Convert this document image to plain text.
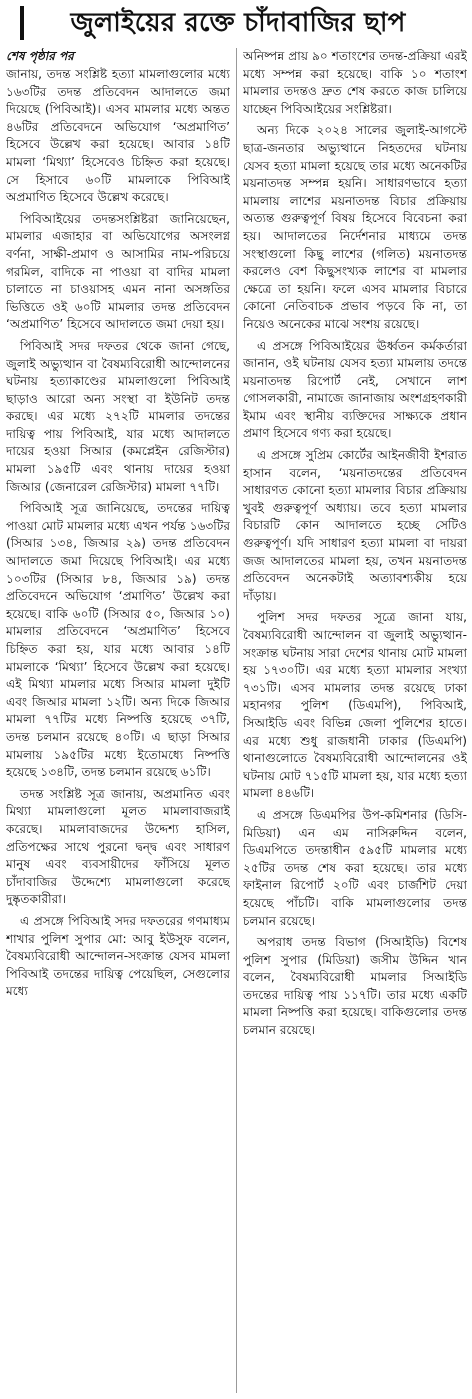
জুলাইয়ের রক্তে চাঁদাবাজির ছাপ
শেষ পৃষ্ঠার পর

জানায়, তদন্ত সংশ্লিষ্ট হত্যা মামলাগুলোর মধ্যে ১৬৩টির তদন্ত প্রতিবেদন আদালতে জমা দিয়েছে (পিবিআই)। এসব মামলার মধ্যে অন্তত ৪৬টির প্রতিবেদনে অভিযোগ ‘অপ্রমাণিত’ হিসেবে উল্লেখ করা হয়েছে। আবার ১৪টি মামলা ‘মিথ্যা’ হিসেবেও চিহ্নিত করা হয়েছে। সে হিসাবে ৬০টি মামলাকে পিবিআই অপ্রমাণিত হিসেবে উল্লেখ করেছে।

পিবিআইয়ের তদন্তসংশ্লিষ্টরা জানিয়েছেন, মামলার এজাহার বা অভিযোগের অসংলগ্ন বর্ণনা, সাক্ষী-প্রমাণ ও আসামির নাম-পরিচয়ে গরমিল, বাদিকে না পাওয়া বা বাদির মামলা চালাতে না চাওয়াসহ এমন নানা অসঙ্গতির ভিত্তিতে ওই ৬০টি মামলার তদন্ত প্রতিবেদন ‘অপ্রমাণিত’ হিসেবে আদালতে জমা দেয়া হয়।

পিবিআই সদর দফতর থেকে জানা গেছে, জুলাই অভ্যুত্থান বা বৈষম্যবিরোধী আন্দোলনের ঘটনায় হত্যাকাণ্ডের মামলাগুলো পিবিআই ছাড়াও আরো অন্য সংস্থা বা ইউনিট তদন্ত করছে। এর মধ্যে ২৭২টি মামলার তদন্তের দায়িত্ব পায় পিবিআই, যার মধ্যে আদালতে দায়ের হওয়া সিআর (কমপ্লেইন রেজিস্টার) মামলা ১৯৫টি এবং থানায় দায়ের হওয়া জিআর (জেনারেল রেজিস্টার) মামলা ৭৭টি।

পিবিআই সূত্র জানিয়েছে, তদন্তের দায়িত্ব পাওয়া মোট মামলার মধ্যে এখন পর্যন্ত ১৬৩টির (সিআর ১৩৪, জিআর ২৯) তদন্ত প্রতিবেদন আদালতে জমা দিয়েছে পিবিআই। এর মধ্যে ১০৩টির (সিআর ৮৪, জিআর ১৯) তদন্ত প্রতিবেদনে অভিযোগ ‘প্রমাণিত’ উল্লেখ করা হয়েছে। বাকি ৬০টি (সিআর ৫০, জিআর ১০) মামলার প্রতিবেদনে ‘অপ্রমাণিত’ হিসেবে চিহ্নিত করা হয়, যার মধ্যে আবার ১৪টি মামলাকে ‘মিথ্যা’ হিসেবে উল্লেখ করা হয়েছে। এই মিথ্যা মামলার মধ্যে সিআর মামলা দুইটি এবং জিআর মামলা ১২টি। অন্য দিকে জিআর মামলা ৭৭টির মধ্যে নিষ্পত্তি হয়েছে ৩৭টি, তদন্ত চলমান রয়েছে ৪০টি। এ ছাড়া সিআর মামলায় ১৯৫টির মধ্যে ইতোমধ্যে নিষ্পত্তি হয়েছে ১৩৪টি, তদন্ত চলমান রয়েছে ৬১টি।

তদন্ত সংশ্লিষ্ট সূত্র জানায়, অপ্রমানিত এবং মিথ্যা মামলাগুলো মূলত মামলাবাজরাই করেছে। মামলাবাজদের উদ্দেশ্য হাসিল, প্রতিপক্ষের সাথে পুরনো দ্বন্দ্ব এবং সাধারণ মানুষ এবং ব্যবসায়ীদের ফাঁসিয়ে মূলত চাঁদাবাজির উদ্দেশ্যে মামলাগুলো করেছে দুষ্কৃতকারীরা।

এ প্রসঙ্গে পিবিআই সদর দফতরের গণমাধ্যম শাখার পুলিশ সুপার মো: আবু ইউসুফ বলেন, বৈষম্যবিরোধী আন্দোলন-সংক্রান্ত যেসব মামলা পিবিআই তদন্তের দায়িত্ব পেয়েছিল, সেগুলোর মধ্যে

অনিষ্পন্ন প্রায় ৯০ শতাংশের তদন্ত-প্রক্রিয়া এরই মধ্যে সম্পন্ন করা হয়েছে। বাকি ১০ শতাংশ মামলার তদন্তও দ্রুত শেষ করতে কাজ চালিয়ে যাচ্ছেন পিবিআইয়ের সংশ্লিষ্টরা।

অন্য দিকে ২০২৪ সালের জুলাই-আগস্টে ছাত্র-জনতার অভ্যুত্থানে নিহতদের ঘটনায় যেসব হত্যা মামলা হয়েছে তার মধ্যে অনেকটির ময়নাতদন্ত সম্পন্ন হয়নি। সাধারণভাবে হত্যা মামলায় লাশের ময়নাতদন্ত বিচার প্রক্রিয়ায় অত্যন্ত গুরুত্বপূর্ণ বিষয় হিসেবে বিবেচনা করা হয়। আদালতের নির্দেশনার মাধ্যমে তদন্ত সংস্থাগুলো কিছু লাশের (গলিত) ময়নাতদন্ত করলেও বেশ কিছুসংখ্যক লাশের বা মামলার ক্ষেত্রে তা হয়নি। ফলে এসব মামলার বিচারে কোনো নেতিবাচক প্রভাব পড়বে কি না, তা নিয়েও অনেকের মাঝে সংশয় রয়েছে।

এ প্রসঙ্গে পিবিআইয়ের ঊর্ধ্বতন কর্মকর্তারা জানান, ওই ঘটনায় যেসব হত্যা মামলায় তদন্তে ময়নাতদন্ত রিপোর্ট নেই, সেখানে লাশ গোসলকারী, নামাজে জানাজায় অংশগ্রহণকারী ইমাম এবং স্থানীয় ব্যক্তিদের সাক্ষ্যকে প্রধান প্রমাণ হিসেবে গণ্য করা হয়েছে।

এ প্রসঙ্গে সুপ্রিম কোর্টের আইনজীবী ইশরাত হাসান বলেন, ‘ময়নাতদন্তের প্রতিবেদন সাধারণত কোনো হত্যা মামলার বিচার প্রক্রিয়ায় খুবই গুরুত্বপূর্ণ অধ্যায়। তবে হত্যা মামলার বিচারটি কোন আদালতে হচ্ছে সেটিও গুরুত্বপূর্ণ। যদি সাধারণ হত্যা মামলা বা দায়রা জজ আদালতের মামলা হয়, তখন ময়নাতদন্ত প্রতিবেদন অনেকটাই অত্যাবশ্যকীয় হয়ে দাঁড়ায়।

পুলিশ সদর দফতর সূত্রে জানা যায়, বৈষম্যবিরোধী আন্দোলন বা জুলাই অভ্যুত্থান-সংক্রান্ত ঘটনায় সারা দেশের থানায় মোট মামলা হয় ১৭৩০টি। এর মধ্যে হত্যা মামলার সংখ্যা ৭৩১টি। এসব মামলার তদন্ত রয়েছে ঢাকা মহানগর পুলিশ (ডিএমপি), পিবিআই, সিআইডি এবং বিভিন্ন জেলা পুলিশের হাতে। এর মধ্যে শুধু রাজধানী ঢাকার (ডিএমপি) থানাগুলোতে বৈষম্যবিরোধী আন্দোলনের ওই ঘটনায় মোট ৭১৫টি মামলা হয়, যার মধ্যে হত্যা মামলা ৪৪৬টি।

এ প্রসঙ্গে ডিএমপির উপ-কমিশনার (ডিসি-মিডিয়া) এন এম নাসিরুদ্দিন বলেন, ডিএমপিতে তদন্তাধীন ৫৯৫টি মামলার মধ্যে ২৫টির তদন্ত শেষ করা হয়েছে। তার মধ্যে ফাইনাল রিপোর্ট ২০টি এবং চার্জশিট দেয়া হয়েছে পাঁচটি। বাকি মামলাগুলোর তদন্ত চলমান রয়েছে।

অপরাধ তদন্ত বিভাগ (সিআইডি) বিশেষ পুলিশ সুপার (মিডিয়া) জসীম উদ্দিন খান বলেন, বৈষম্যবিরোধী মামলার সিআইডি তদন্তের দায়িত্ব পায় ১১৭টি। তার মধ্যে একটি মামলা নিষ্পত্তি করা হয়েছে। বাকিগুলোর তদন্ত চলমান রয়েছে।
